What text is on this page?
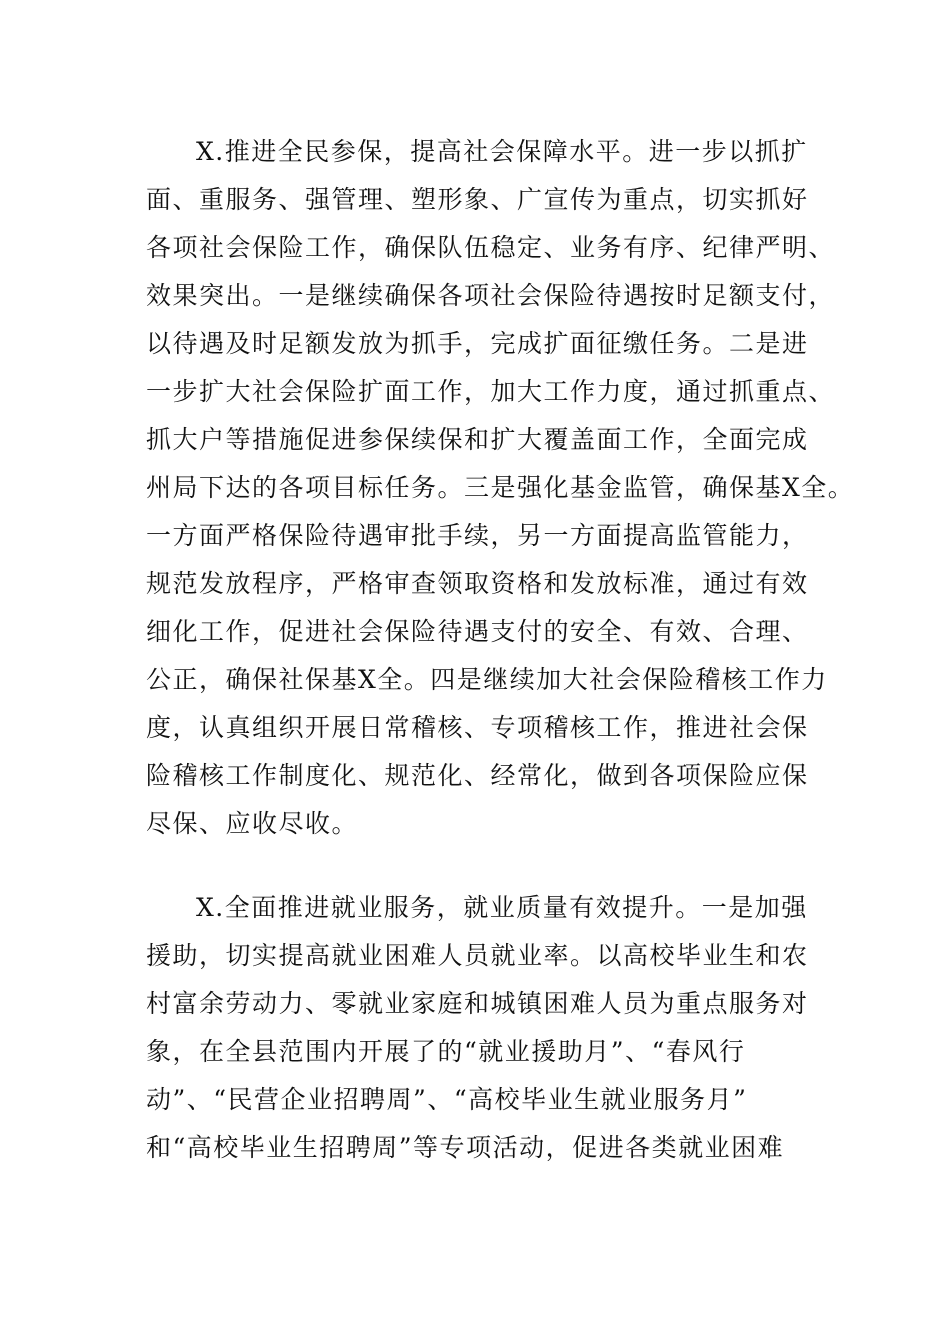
X.推进全民参保，提高社会保障水平。进一步以抓扩
面、重服务、强管理、塑形象、广宣传为重点，切实抓好
各项社会保险工作，确保队伍稳定、业务有序、纪律严明、
效果突出。一是继续确保各项社会保险待遇按时足额支付，
以待遇及时足额发放为抓手，完成扩面征缴任务。二是进
一步扩大社会保险扩面工作，加大工作力度，通过抓重点、
抓大户等措施促进参保续保和扩大覆盖面工作，全面完成
州局下达的各项目标任务。三是强化基金监管，确保基X全。
一方面严格保险待遇审批手续，另一方面提高监管能力，
规范发放程序，严格审查领取资格和发放标准，通过有效
细化工作，促进社会保险待遇支付的安全、有效、合理、
公正，确保社保基X全。四是继续加大社会保险稽核工作力
度，认真组织开展日常稽核、专项稽核工作，推进社会保
险稽核工作制度化、规范化、经常化，做到各项保险应保
尽保、应收尽收。
X.全面推进就业服务，就业质量有效提升。一是加强
援助，切实提高就业困难人员就业率。以高校毕业生和农
村富余劳动力、零就业家庭和城镇困难人员为重点服务对
象，在全县范围内开展了的“就业援助月”、“春风行
动”、“民营企业招聘周”、“高校毕业生就业服务月”
和“高校毕业生招聘周”等专项活动，促进各类就业困难
